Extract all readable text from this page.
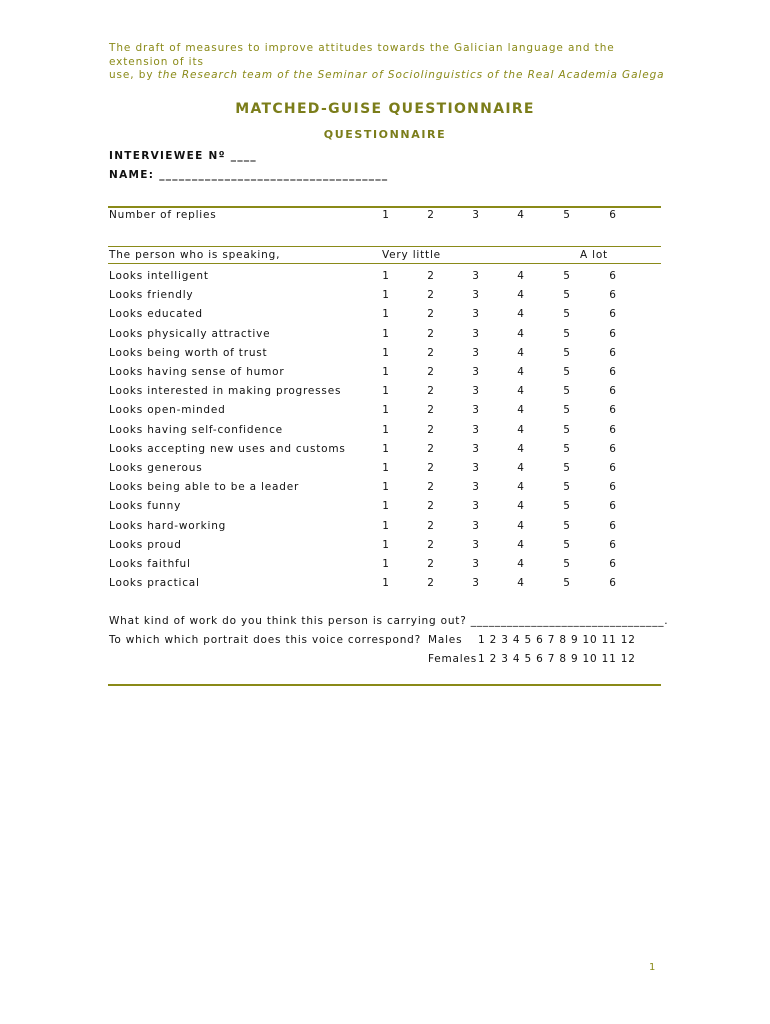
The draft of measures to improve attitudes towards the Galician language and the extension of its
use, by the Research team of the Seminar of Sociolinguistics of the Real Academia Galega
MATCHED-GUISE QUESTIONNAIRE
QUESTIONNAIRE
INTERVIEWEE Nº ____
NAME: ___________________________________
Number of replies	1	2	3	4	5	6
The person who is speaking,	Very little	A lot
Looks intelligent	1	2	3	4	5	6
Looks friendly	1	2	3	4	5	6
Looks educated	1	2	3	4	5	6
Looks physically attractive	1	2	3	4	5	6
Looks being worth of trust	1	2	3	4	5	6
Looks having sense of humor	1	2	3	4	5	6
Looks interested in making progresses	1	2	3	4	5	6
Looks open-minded	1	2	3	4	5	6
Looks having self-confidence	1	2	3	4	5	6
Looks accepting new uses and customs	1	2	3	4	5	6
Looks generous	1	2	3	4	5	6
Looks being able to be a leader	1	2	3	4	5	6
Looks funny	1	2	3	4	5	6
Looks hard-working	1	2	3	4	5	6
Looks proud	1	2	3	4	5	6
Looks faithful	1	2	3	4	5	6
Looks practical	1	2	3	4	5	6
What kind of work do you think this person is carrying out? ________________________________.
To which which portrait does this voice correspond? Males 1 2 3 4 5 6 7 8 9 10 11 12
Females 1 2 3 4 5 6 7 8 9 10 11 12
1
